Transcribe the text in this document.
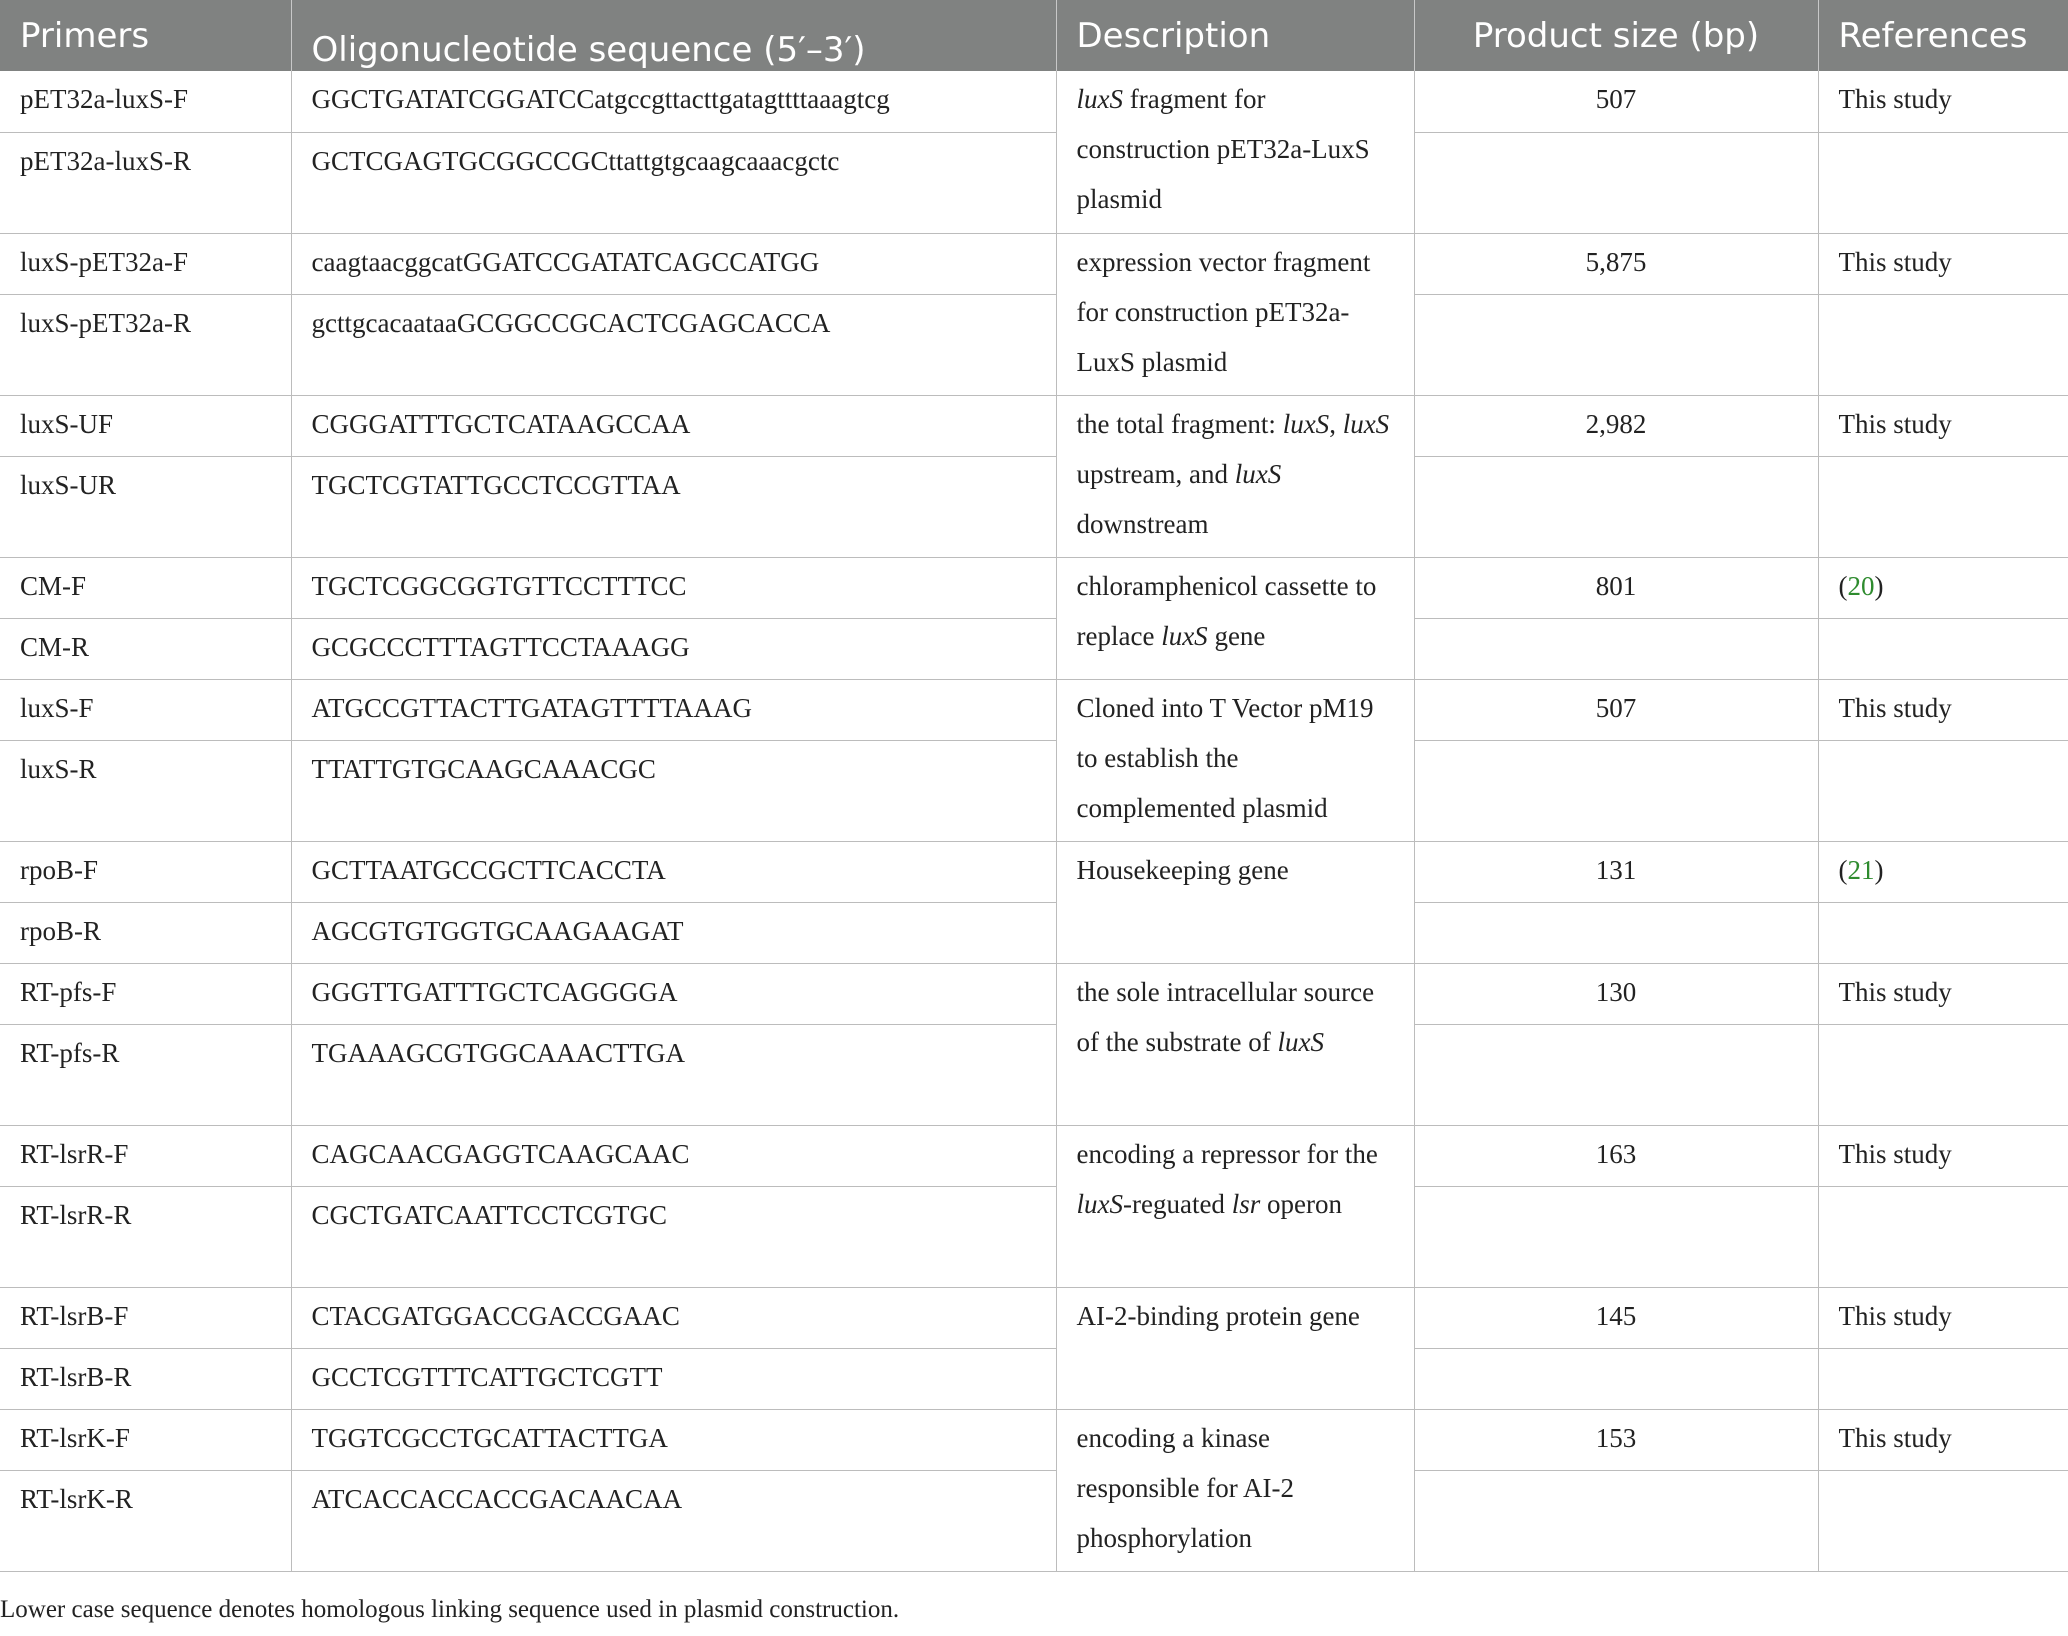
Primers	Oligonucleotide sequence (5′–3′)	Description	Product size (bp)	References
pET32a-luxS-F	GGCTGATATCGGATCCatgccgttacttgatagttttaaagtcg	luxS fragment for construction pET32a-LuxS plasmid	507	This study
pET32a-luxS-R	GCTCGAGTGCGGCCGCttattgtgcaagcaaacgctc			
luxS-pET32a-F	caagtaacggcatGGATCCGATATCAGCCATGG	expression vector fragment for construction pET32a-LuxS plasmid	5,875	This study
luxS-pET32a-R	gcttgcacaataaGCGGCCGCACTCGAGCACCA			
luxS-UF	CGGGATTTGCTCATAAGCCAA	the total fragment: luxS, luxS upstream, and luxS downstream	2,982	This study
luxS-UR	TGCTCGTATTGCCTCCGTTAA			
CM-F	TGCTCGGCGGTGTTCCTTTCC	chloramphenicol cassette to replace luxS gene	801	(20)
CM-R	GCGCCCTTTAGTTCCTAAAGG			
luxS-F	ATGCCGTTACTTGATAGTTTTAAAG	Cloned into T Vector pM19 to establish the complemented plasmid	507	This study
luxS-R	TTATTGTGCAAGCAAACGC			
rpoB-F	GCTTAATGCCGCTTCACCTA	Housekeeping gene	131	(21)
rpoB-R	AGCGTGTGGTGCAAGAAGAT			
RT-pfs-F	GGGTTGATTTGCTCAGGGGA	the sole intracellular source of the substrate of luxS	130	This study
RT-pfs-R	TGAAAGCGTGGCAAACTTGA			
RT-lsrR-F	CAGCAACGAGGTCAAGCAAC	encoding a repressor for the luxS-reguated lsr operon	163	This study
RT-lsrR-R	CGCTGATCAATTCCTCGTGC			
RT-lsrB-F	CTACGATGGACCGACCGAAC	AI-2-binding protein gene	145	This study
RT-lsrB-R	GCCTCGTTTCATTGCTCGTT			
RT-lsrK-F	TGGTCGCCTGCATTACTTGA	encoding a kinase responsible for AI-2 phosphorylation	153	This study
RT-lsrK-R	ATCACCACCACCGACAACAA			
Lower case sequence denotes homologous linking sequence used in plasmid construction.
